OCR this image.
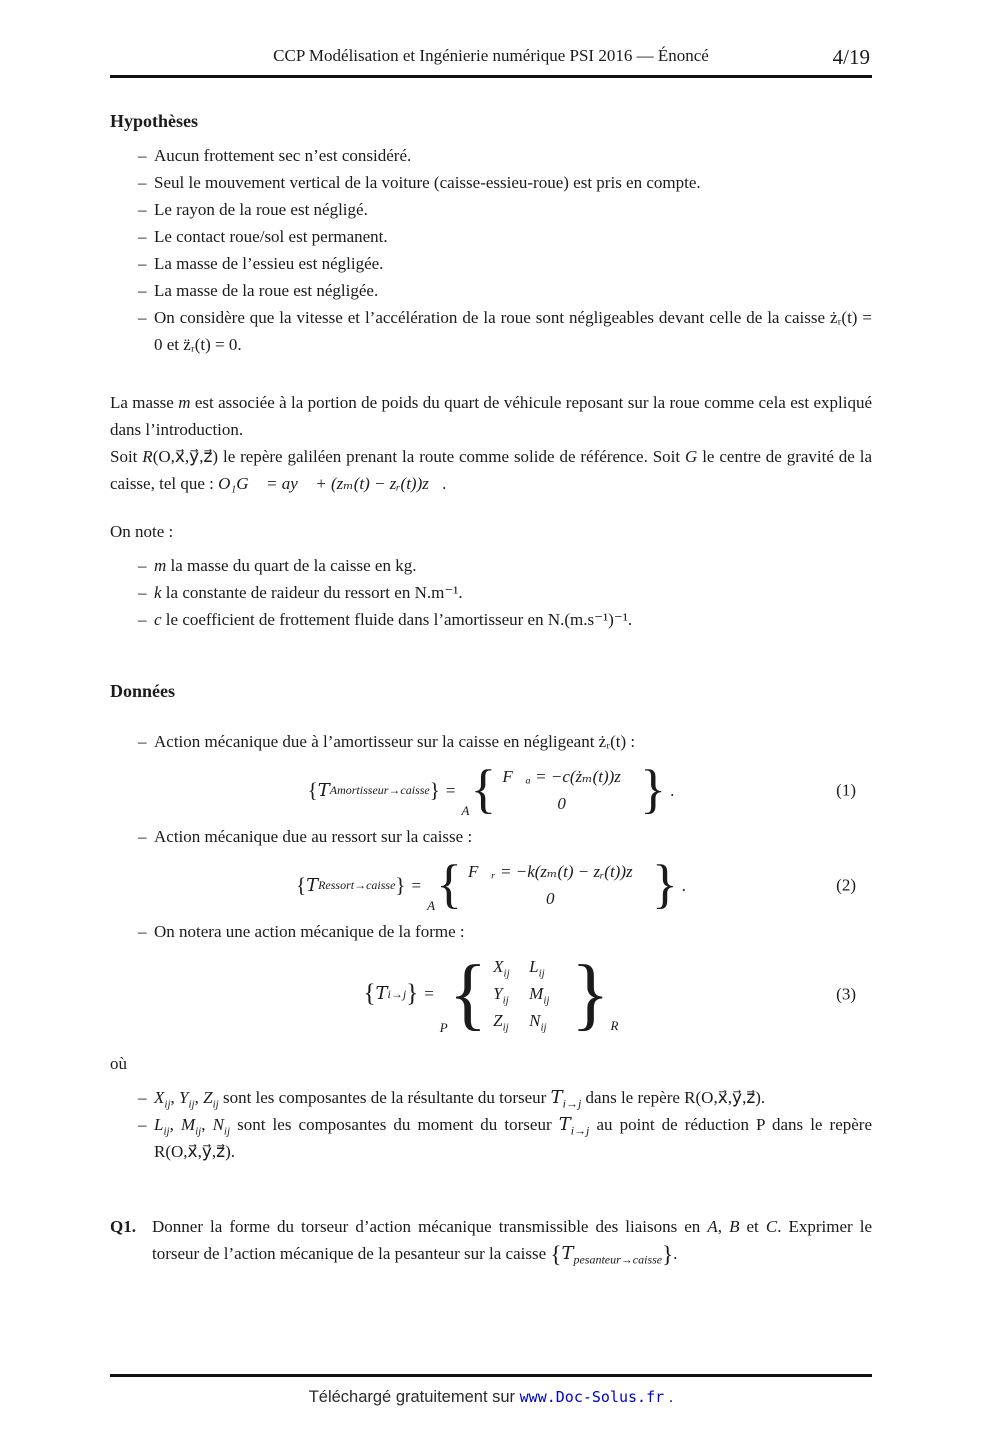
CCP Modélisation et Ingénierie numérique PSI 2016 — Énoncé	4/19
Hypothèses
– Aucun frottement sec n’est considéré.
– Seul le mouvement vertical de la voiture (caisse-essieu-roue) est pris en compte.
– Le rayon de la roue est négligé.
– Le contact roue/sol est permanent.
– La masse de l’essieu est négligée.
– La masse de la roue est négligée.
– On considère que la vitesse et l’accélération de la roue sont négligeables devant celle de la caisse żᵣ(t) = 0 et z̈ᵣ(t) = 0.
La masse m est associée à la portion de poids du quart de véhicule reposant sur la roue comme cela est expliqué dans l’introduction.
Soit R(O,x⃗,y⃗,z⃗) le repère galiléen prenant la route comme solide de référence. Soit G le centre de gravité de la caisse, tel que : O₁G⃗ = ay⃗ + (zₘ(t) − zᵣ(t))z⃗.
On note :
– m la masse du quart de la caisse en kg.
– k la constante de raideur du ressort en N.m⁻¹.
– c le coefficient de frottement fluide dans l’amortisseur en N.(m.s⁻¹)⁻¹.
Données
– Action mécanique due à l’amortisseur sur la caisse en négligeant żᵣ(t) :
{ T Amortisseur→caisse } =
A { F⃗ₐ = −c(żₘ(t))z⃗
0⃗ } .	(1)
– Action mécanique due au ressort sur la caisse :
{ T Ressort→caisse } =
A { F⃗ᵣ = −k(zₘ(t) − zᵣ(t))z⃗
0⃗ } .	(2)
– On notera une action mécanique de la forme :
{ T i→j } =
P { $X_{ij}$	$L_{ij}$
$Y_{ij}$	$M_{ij}$
$Z_{ij}$	$N_{ij}$ } R
(3)
où
– $X_{ij}$, $Y_{ij}$, $Z_{ij}$ sont les composantes de la résultante du torseur $T_{i\to j}$ dans le repère R(O,x⃗,y⃗,z⃗).
– $L_{ij}$, $M_{ij}$, $N_{ij}$ sont les composantes du moment du torseur $T_{i\to j}$ au point de réduction P dans le repère R(O,x⃗,y⃗,z⃗).
Q1. Donner la forme du torseur d’action mécanique transmissible des liaisons en A, B et C. Exprimer le torseur de l’action mécanique de la pesanteur sur la caisse $\{T_{pesanteur\to caisse}\}$.
Téléchargé gratuitement sur www.Doc-Solus.fr .
